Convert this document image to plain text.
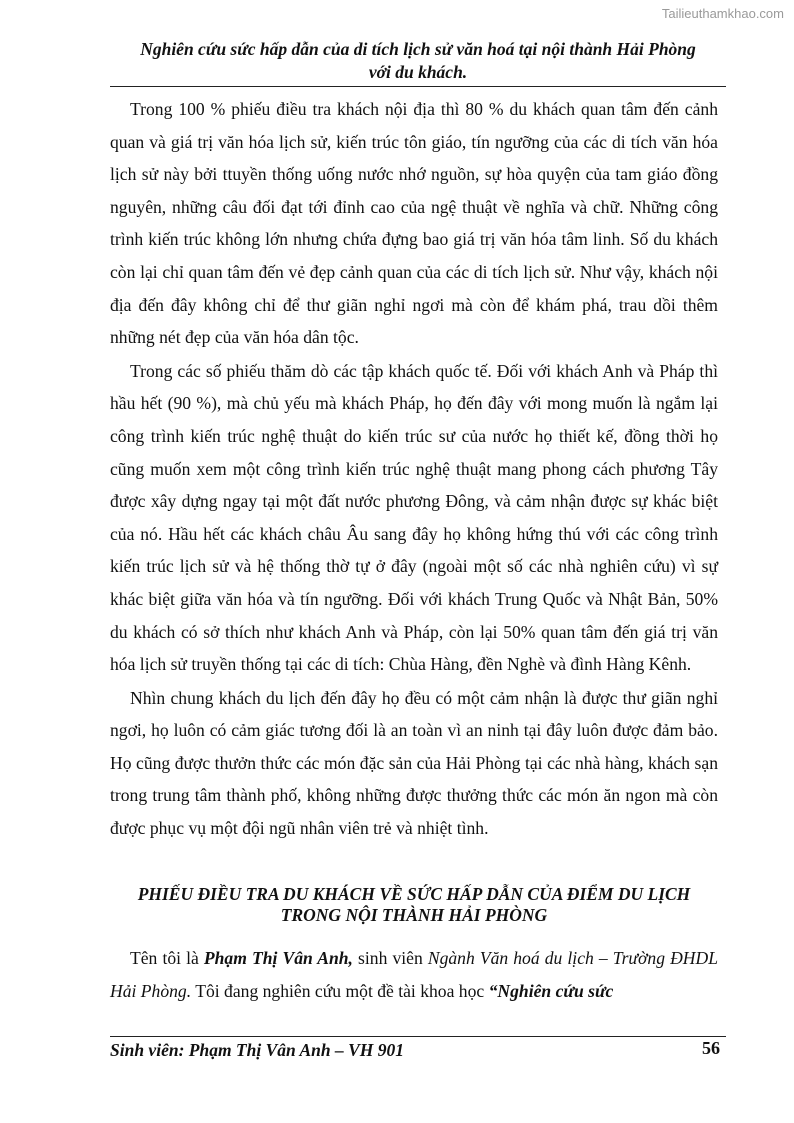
Tailieuthamkhao.com
Nghiên cứu sức hấp dẫn của di tích lịch sử văn hoá tại nội thành Hải Phòng
với du khách.

Trong 100 % phiếu điều tra khách nội địa thì 80 % du khách quan tâm đến cảnh quan và giá trị văn hóa lịch sử, kiến trúc tôn giáo, tín ngưỡng của các di tích văn hóa lịch sử này bởi ttuyền thống uống nước nhớ nguồn, sự hòa quyện của tam giáo đồng nguyên, những câu đối đạt tới đỉnh cao của ngệ thuật về nghĩa và chữ. Những công trình kiến trúc không lớn nhưng chứa đựng bao giá trị văn hóa tâm linh. Số du khách còn lại chỉ quan tâm đến vẻ đẹp cảnh quan của các di tích lịch sử. Như vậy, khách nội địa đến đây không chỉ để thư giãn nghỉ ngơi mà còn để khám phá, trau dồi thêm những nét đẹp của văn hóa dân tộc.

Trong các số phiếu thăm dò các tập khách quốc tế. Đối với khách Anh và Pháp thì hầu hết (90 %), mà chủ yếu mà khách Pháp, họ đến đây với mong muốn là ngắm lại công trình kiến trúc nghệ thuật do kiến trúc sư của nước họ thiết kế, đồng thời họ cũng muốn xem một công trình kiến trúc nghệ thuật mang phong cách phương Tây được xây dựng ngay tại một đất nước phương Đông, và cảm nhận được sự khác biệt của nó. Hầu hết các khách châu Âu sang đây họ không hứng thú với các công trình kiến trúc lịch sử và hệ thống thờ tự ở đây (ngoài một số các nhà nghiên cứu) vì sự khác biệt giữa văn hóa và tín ngưỡng. Đối với khách Trung Quốc và Nhật Bản, 50% du khách có sở thích như khách Anh và Pháp, còn lại 50% quan tâm đến giá trị văn hóa lịch sử truyền thống tại các di tích: Chùa Hàng, đền Nghè và đình Hàng Kênh.

Nhìn chung khách du lịch đến đây họ đều có một cảm nhận là được thư giãn nghỉ ngơi, họ luôn có cảm giác tương đối là an toàn vì an ninh tại đây luôn được đảm bảo. Họ cũng được thưởn thức các món đặc sản của Hải Phòng tại các nhà hàng, khách sạn trong trung tâm thành phố, không những được thưởng thức các món ăn ngon mà còn được phục vụ một đội ngũ nhân viên trẻ và nhiệt tình.

PHIẾU ĐIỀU TRA DU KHÁCH VỀ SỨC HẤP DẪN CỦA ĐIỂM DU LỊCH
TRONG NỘI THÀNH HẢI PHÒNG

Tên tôi là Phạm Thị Vân Anh, sinh viên Ngành Văn hoá du lịch – Trường ĐHDL Hải Phòng. Tôi đang nghiên cứu một đề tài khoa học “Nghiên cứu sức

Sinh viên: Phạm Thị Vân Anh – VH 901	56
